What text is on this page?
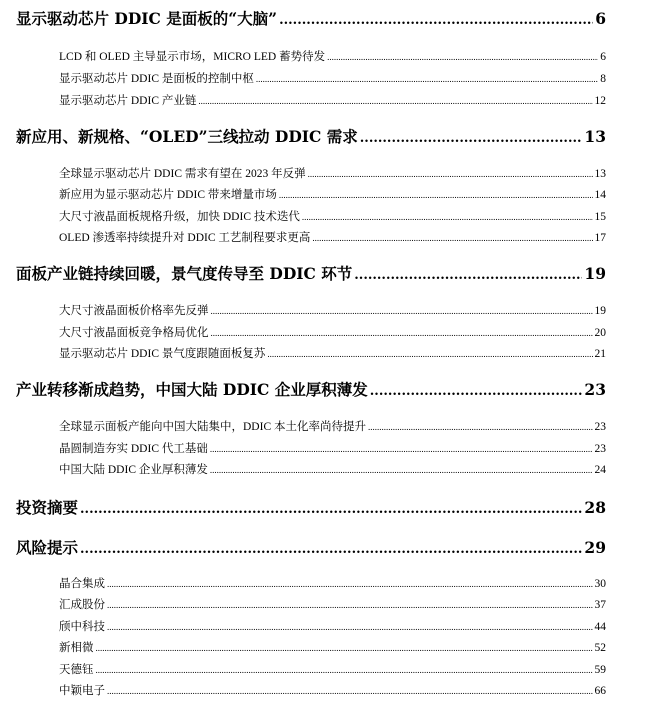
显示驱动芯片 DDIC 是面板的“大脑” .....	6
LCD 和 OLED 主导显示市场，MICRO LED 蓄势待发 .....	6
显示驱动芯片 DDIC 是面板的控制中枢 .....	8
显示驱动芯片 DDIC 产业链 .....	12
新应用、新规格、“OLED”三线拉动 DDIC 需求 .....	13
全球显示驱动芯片 DDIC 需求有望在 2023 年反弹 .....	13
新应用为显示驱动芯片 DDIC 带来增量市场 .....	14
大尺寸液晶面板规格升级，加快 DDIC 技术迭代 .....	15
OLED 渗透率持续提升对 DDIC 工艺制程要求更高 .....	17
面板产业链持续回暖，景气度传导至 DDIC 环节 .....	19
大尺寸液晶面板价格率先反弹 .....	19
大尺寸液晶面板竞争格局优化 .....	20
显示驱动芯片 DDIC 景气度跟随面板复苏 .....	21
产业转移渐成趋势，中国大陆 DDIC 企业厚积薄发 .....	23
全球显示面板产能向中国大陆集中，DDIC 本土化率尚待提升 .....	23
晶圆制造夯实 DDIC 代工基础 .....	23
中国大陆 DDIC 企业厚积薄发 .....	24
投资摘要 .....	28
风险提示 .....	29
晶合集成 .....	30
汇成股份 .....	37
颀中科技 .....	44
新相微 .....	52
天德钰 .....	59
中颖电子 .....	66
